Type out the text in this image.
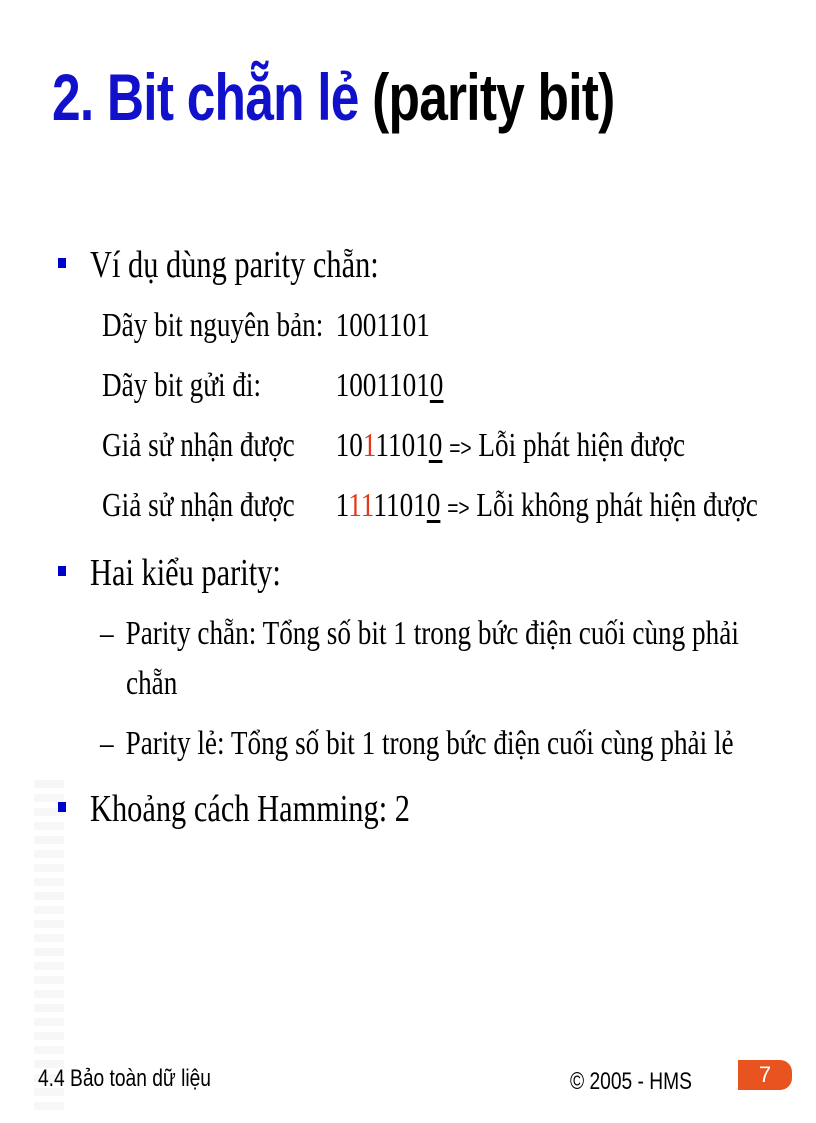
2. Bit chẵn lẻ (parity bit)
Ví dụ dùng parity chẵn:
Dãy bit nguyên bản: 1001101
Dãy bit gửi đi: 10011010
Giả sử nhận được 10111010 => Lỗi phát hiện được
Giả sử nhận được 11111010 => Lỗi không phát hiện được
Hai kiểu parity:
– Parity chẵn: Tổng số bit 1 trong bức điện cuối cùng phải
chẵn
– Parity lẻ: Tổng số bit 1 trong bức điện cuối cùng phải lẻ
Khoảng cách Hamming: 2
4.4 Bảo toàn dữ liệu	© 2005 - HMS	7
